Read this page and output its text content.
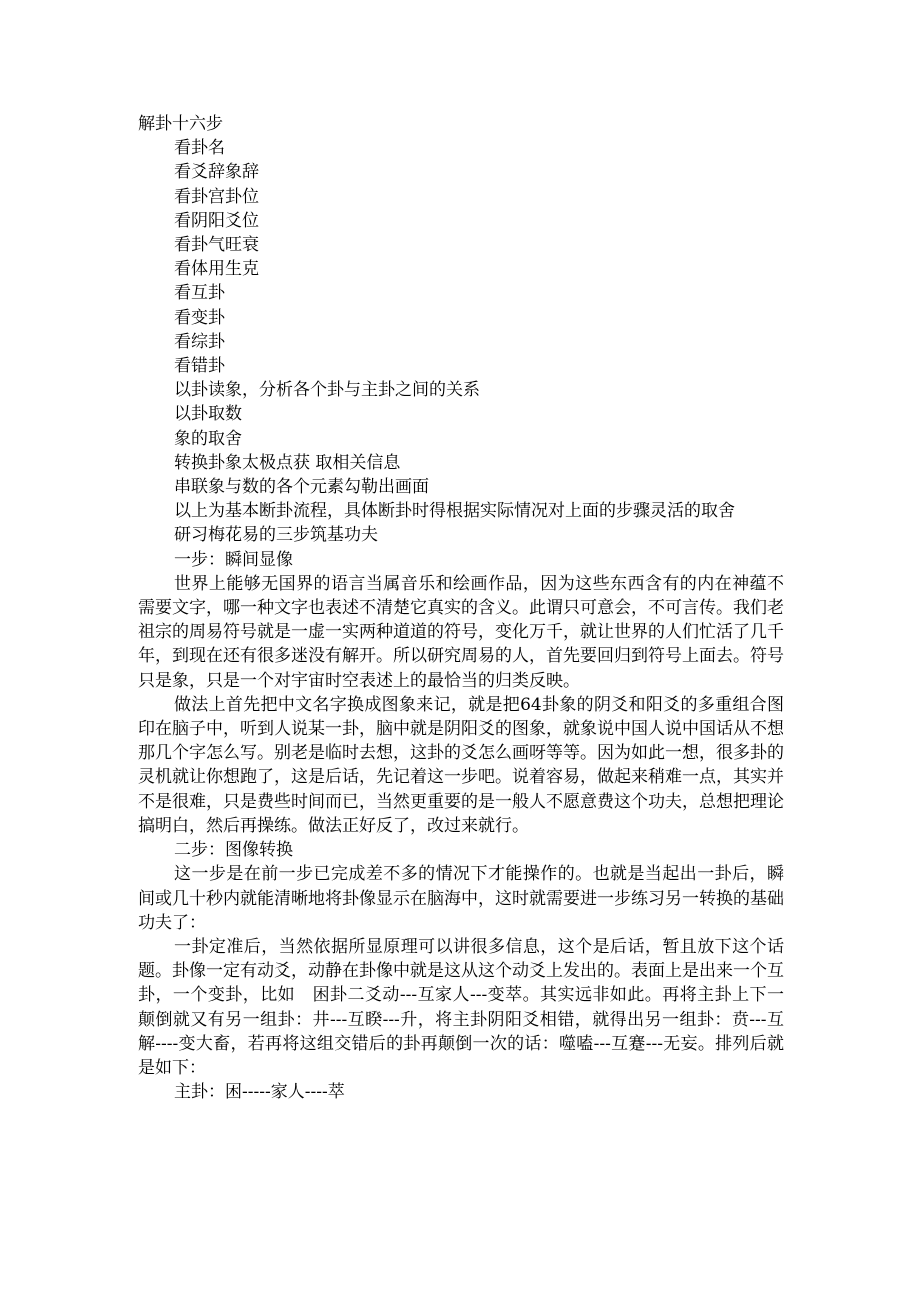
解卦十六步
看卦名
看爻辞象辞
看卦宫卦位
看阴阳爻位
看卦气旺衰
看体用生克
看互卦
看变卦
看综卦
看错卦
以卦读象，分析各个卦与主卦之间的关系
以卦取数
象的取舍
转换卦象太极点获 取相关信息
串联象与数的各个元素勾勒出画面
以上为基本断卦流程，具体断卦时得根据实际情况对上面的步骤灵活的取舍
研习梅花易的三步筑基功夫
一步：瞬间显像
世界上能够无国界的语言当属音乐和绘画作品，因为这些东西含有的内在神蕴不需要文字，哪一种文字也表述不清楚它真实的含义。此谓只可意会，不可言传。我们老祖宗的周易符号就是一虚一实两种道道的符号，变化万千，就让世界的人们忙活了几千年，到现在还有很多迷没有解开。所以研究周易的人，首先要回归到符号上面去。符号只是象，只是一个对宇宙时空表述上的最恰当的归类反映。
做法上首先把中文名字换成图象来记，就是把64卦象的阴爻和阳爻的多重组合图印在脑子中，听到人说某一卦，脑中就是阴阳爻的图象，就象说中国人说中国话从不想那几个字怎么写。别老是临时去想，这卦的爻怎么画呀等等。因为如此一想，很多卦的灵机就让你想跑了，这是后话，先记着这一步吧。说着容易，做起来稍难一点，其实并不是很难，只是费些时间而已，当然更重要的是一般人不愿意费这个功夫，总想把理论搞明白，然后再操练。做法正好反了，改过来就行。
二步：图像转换
这一步是在前一步已完成差不多的情况下才能操作的。也就是当起出一卦后，瞬间或几十秒内就能清晰地将卦像显示在脑海中，这时就需要进一步练习另一转换的基础功夫了：
一卦定准后，当然依据所显原理可以讲很多信息，这个是后话，暂且放下这个话题。卦像一定有动爻，动静在卦像中就是这从这个动爻上发出的。表面上是出来一个互卦，一个变卦，比如　困卦二爻动---互家人---变萃。其实远非如此。再将主卦上下一颠倒就又有另一组卦：井---互睽---升，将主卦阴阳爻相错，就得出另一组卦：贲---互解----变大畜，若再将这组交错后的卦再颠倒一次的话：噬嗑---互蹇---无妄。排列后就是如下：
主卦：困-----家人----萃
